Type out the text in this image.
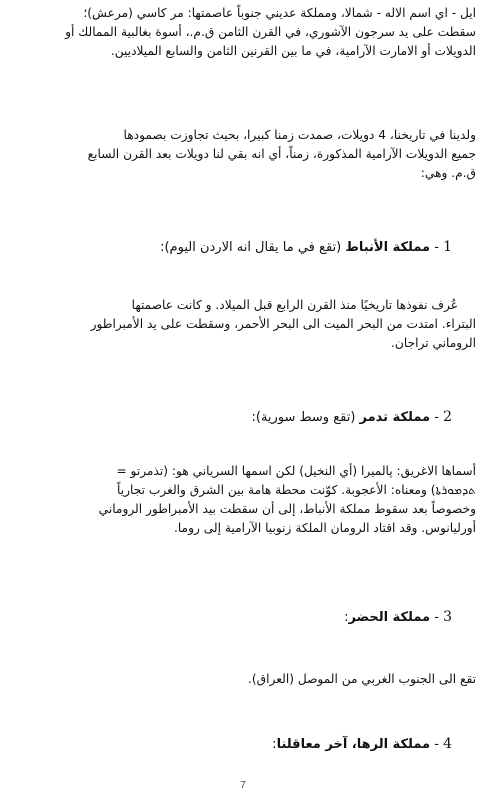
ايل - اي اسم الاله - شمالا، ومملكة عديني جنوباً عاصمتها: مر كاسي (مرعش)؛

سقطت على يد سرجون الآشوري، في القرن الثامن ق.م.، أسوة بغالبية الممالك أو

الدويلات أو الامارت الآرامية، في ما بين القرنين الثامن والسابع الميلاديين.

ولدينا في تاريخنا، 4 دويلات، صمدت زمنا كبيرا، بحيث تجاوزت بصمودها

جميع الدويلات الآرامية المذكورة، زمناً، أي انه بقي لنا دويلات بعد القرن السابع

ق.م. وهي:

1 - مملكة الأنباط (تقع في ما يقال انه الاردن اليوم):

عُرف نفوذها تاريخيًا منذ القرن الرابع قبل الميلاد. و كانت عاصمتها

البتراء. امتدت من البحر الميت الى البحر الأحمر، وسقطت على يد الأمبراطور

الروماني تراجان.

2 - مملكة تدمر (تقع وسط سورية):

أسماها الاغريق: پالميرا (أي النخيل) لكن اسمها السرياني هو: (تذمرتو =

ܬܕܡܘܪܬܐ) ومعناه: الأعجوبة. كوّنت محطة هامة بين الشرق والغرب تجارياً

وخصوصاً بعد سقوط مملكة الأنباط، إلى أن سقطت بيد الأمبراطور الروماني

أورليانوس. وقد اقتاد الرومان الملكة زنوبيا الآرامية إلى روما.

3 - مملكة الحضر:

تقع الى الجنوب الغربي من الموصل (العراق).

4 - مملكة الرها، آخر معاقلنا:
7
